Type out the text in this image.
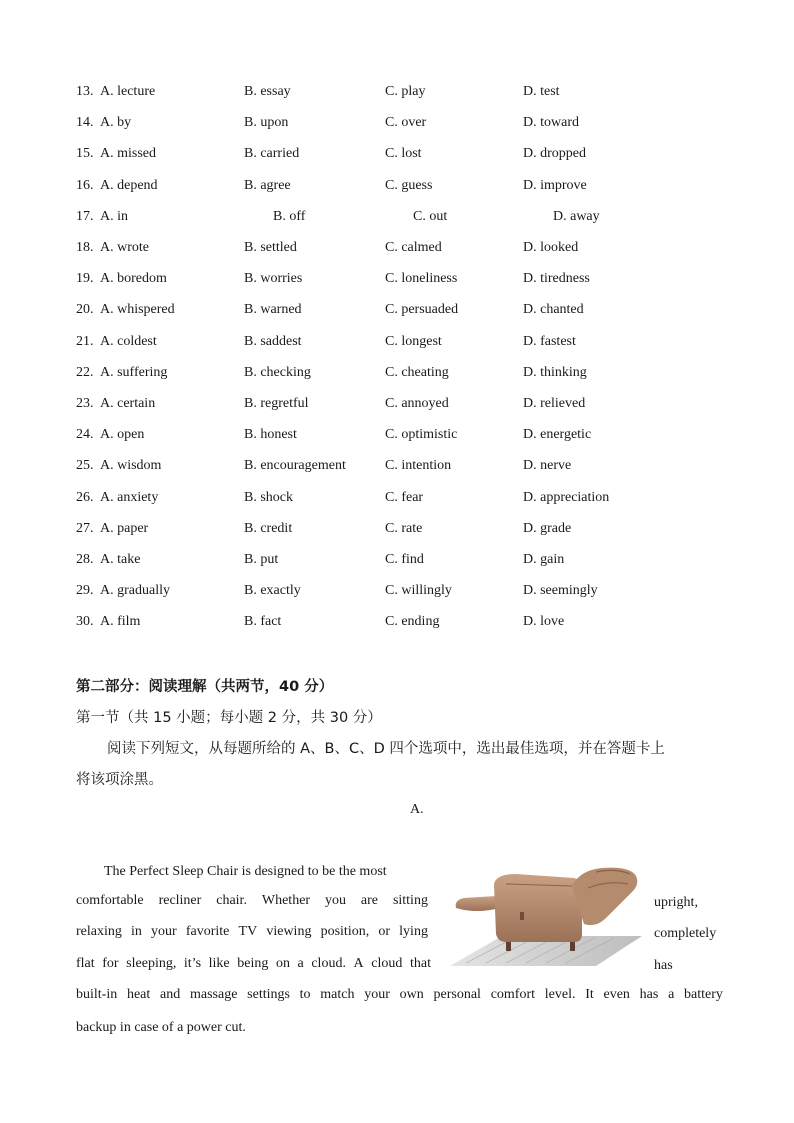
13. A. lecture	B. essay	C. play	D. test
14. A. by	B. upon	C. over	D. toward
15. A. missed	B. carried	C. lost	D. dropped
16. A. depend	B. agree	C. guess	D. improve
17. A. in	B. off	C. out	D. away
18. A. wrote	B. settled	C. calmed	D. looked
19. A. boredom	B. worries	C. loneliness	D. tiredness
20. A. whispered	B. warned	C. persuaded	D. chanted
21. A. coldest	B. saddest	C. longest	D. fastest
22. A. suffering	B. checking	C. cheating	D. thinking
23. A. certain	B. regretful	C. annoyed	D. relieved
24. A. open	B. honest	C. optimistic	D. energetic
25. A. wisdom	B. encouragement	C. intention	D. nerve
26. A. anxiety	B. shock	C. fear	D. appreciation
27. A. paper	B. credit	C. rate	D. grade
28. A. take	B. put	C. find	D. gain
29. A. gradually	B. exactly	C. willingly	D. seemingly
30. A. film	B. fact	C. ending	D. love
第二部分：阅读理解（共两节，40 分）
第一节（共 15 小题；每小题 2 分，共 30 分）
阅读下列短文，从每题所给的 A、B、C、D 四个选项中，选出最佳选项，并在答题卡上
将该项涂黑。
A.
The Perfect Sleep Chair is designed to be the most
comfortable recliner chair. Whether you are sitting	upright,
relaxing in your favorite TV viewing position, or lying	completely
flat for sleeping, it’s like being on a cloud. A cloud that	has
built-in heat and massage settings to match your own personal comfort level. It even has a battery
backup in case of a power cut.
